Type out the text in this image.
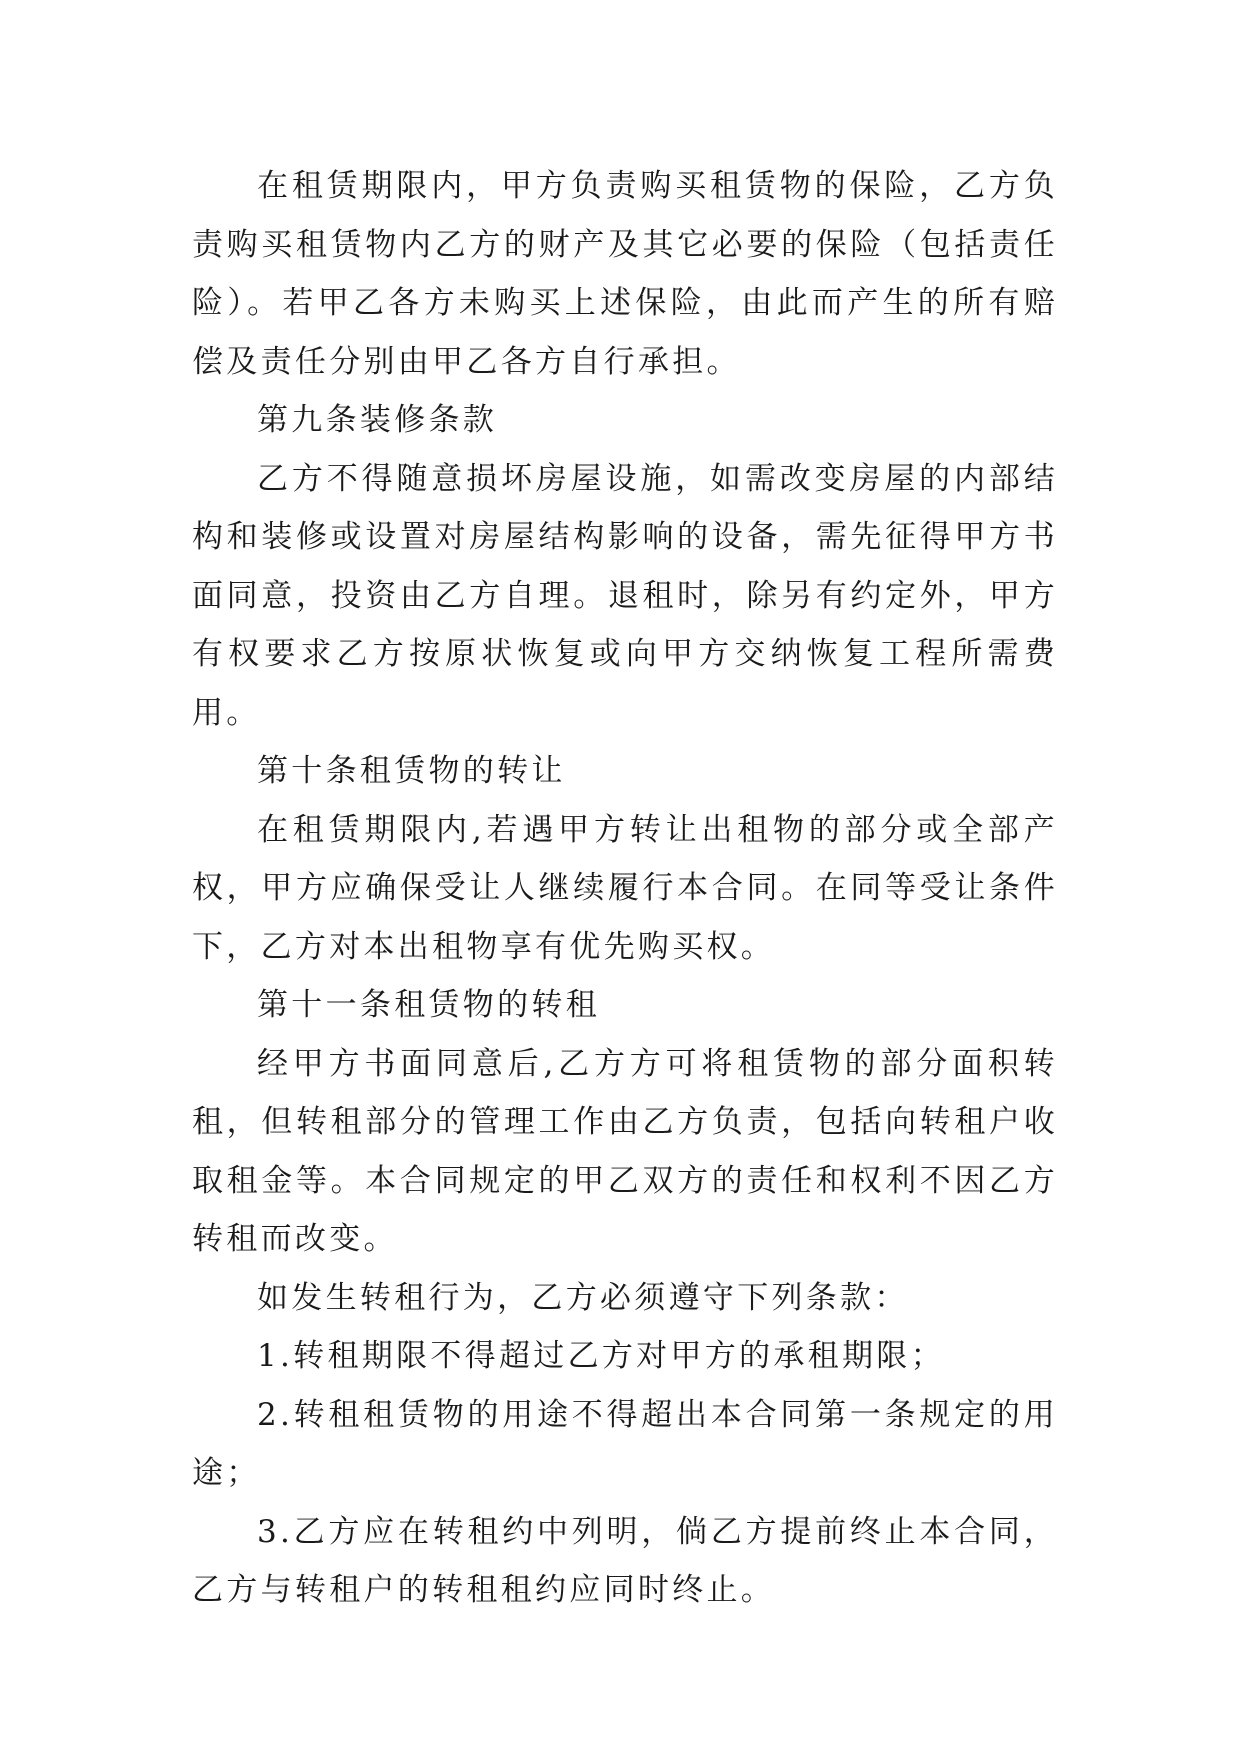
在租赁期限内，甲方负责购买租赁物的保险，乙方负责购买租赁物内乙方的财产及其它必要的保险（包括责任险）。若甲乙各方未购买上述保险，由此而产生的所有赔偿及责任分别由甲乙各方自行承担。

第九条装修条款

乙方不得随意损坏房屋设施，如需改变房屋的内部结构和装修或设置对房屋结构影响的设备，需先征得甲方书面同意，投资由乙方自理。退租时，除另有约定外，甲方有权要求乙方按原状恢复或向甲方交纳恢复工程所需费用。

第十条租赁物的转让

在租赁期限内,若遇甲方转让出租物的部分或全部产权，甲方应确保受让人继续履行本合同。在同等受让条件下，乙方对本出租物享有优先购买权。

第十一条租赁物的转租

经甲方书面同意后,乙方方可将租赁物的部分面积转租，但转租部分的管理工作由乙方负责，包括向转租户收取租金等。本合同规定的甲乙双方的责任和权利不因乙方转租而改变。

如发生转租行为，乙方必须遵守下列条款：

1.转租期限不得超过乙方对甲方的承租期限；

2.转租租赁物的用途不得超出本合同第一条规定的用途；

3.乙方应在转租约中列明，倘乙方提前终止本合同，乙方与转租户的转租租约应同时终止。
